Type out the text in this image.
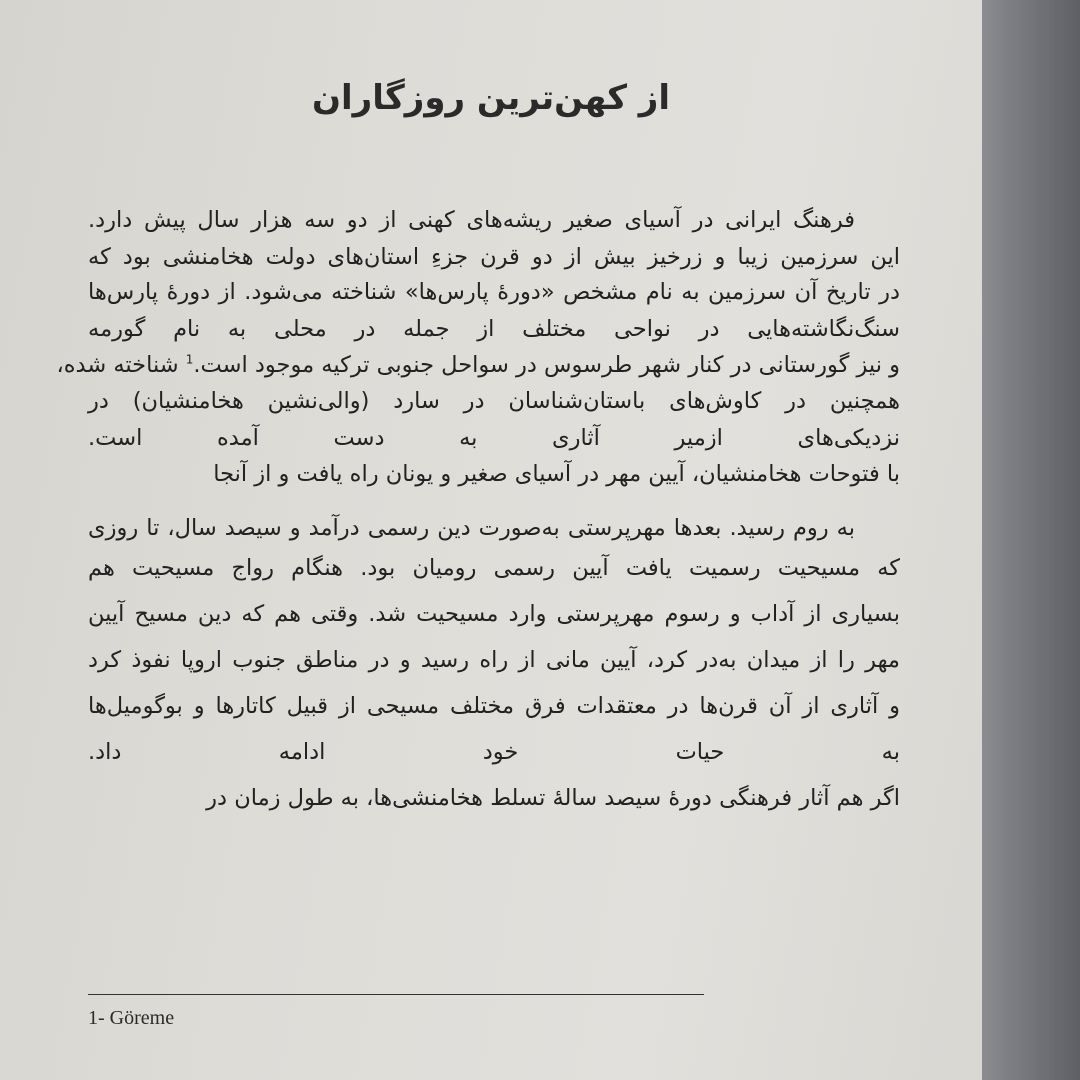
از کهن‌ترین روزگاران
فرهنگ ایرانی در آسیای صغیر ریشه‌های کهنی از دو سه هزار سال پیش دارد.
این سرزمین زیبا و زرخیز بیش از دو قرن جزءِ استان‌های دولت هخامنشی بود که
در تاریخ آن سرزمین به نام مشخص «دورهٔ پارس‌ها» شناخته می‌شود. از دورهٔ پارس‌ها
سنگ‌نگاشته‌هایی در نواحی مختلف از جمله در محلی به نام گورمه
و نیز گورستانی در کنار شهر طرسوس در سواحل جنوبی ترکیه موجود است.$^1$ شناخته شده،
همچنین در کاوش‌های باستان‌شناسان در سارد (والی‌نشین هخامنشیان) در
نزدیکی‌های ازمیر آثاری به دست آمده است.
با فتوحات هخامنشیان، آیین مهر در آسیای صغیر و یونان راه یافت و از آنجا
به روم رسید. بعدها مهرپرستی به‌صورت دین رسمی درآمد و سیصد سال، تا روزی
که مسیحیت رسمیت یافت آیین رسمی رومیان بود. هنگام رواج مسیحیت هم
بسیاری از آداب و رسوم مهرپرستی وارد مسیحیت شد. وقتی هم که دین مسیح آیین
مهر را از میدان به‌در کرد، آیین مانی از راه رسید و در مناطق جنوب اروپا نفوذ کرد
و آثاری از آن قرن‌ها در معتقدات فرق مختلف مسیحی از قبیل کاتارها و بوگومیل‌ها
به حیات خود ادامه داد.
اگر هم آثار فرهنگی دورهٔ سیصد سالهٔ تسلط هخامنشی‌ها، به طول زمان در
1- Göreme
